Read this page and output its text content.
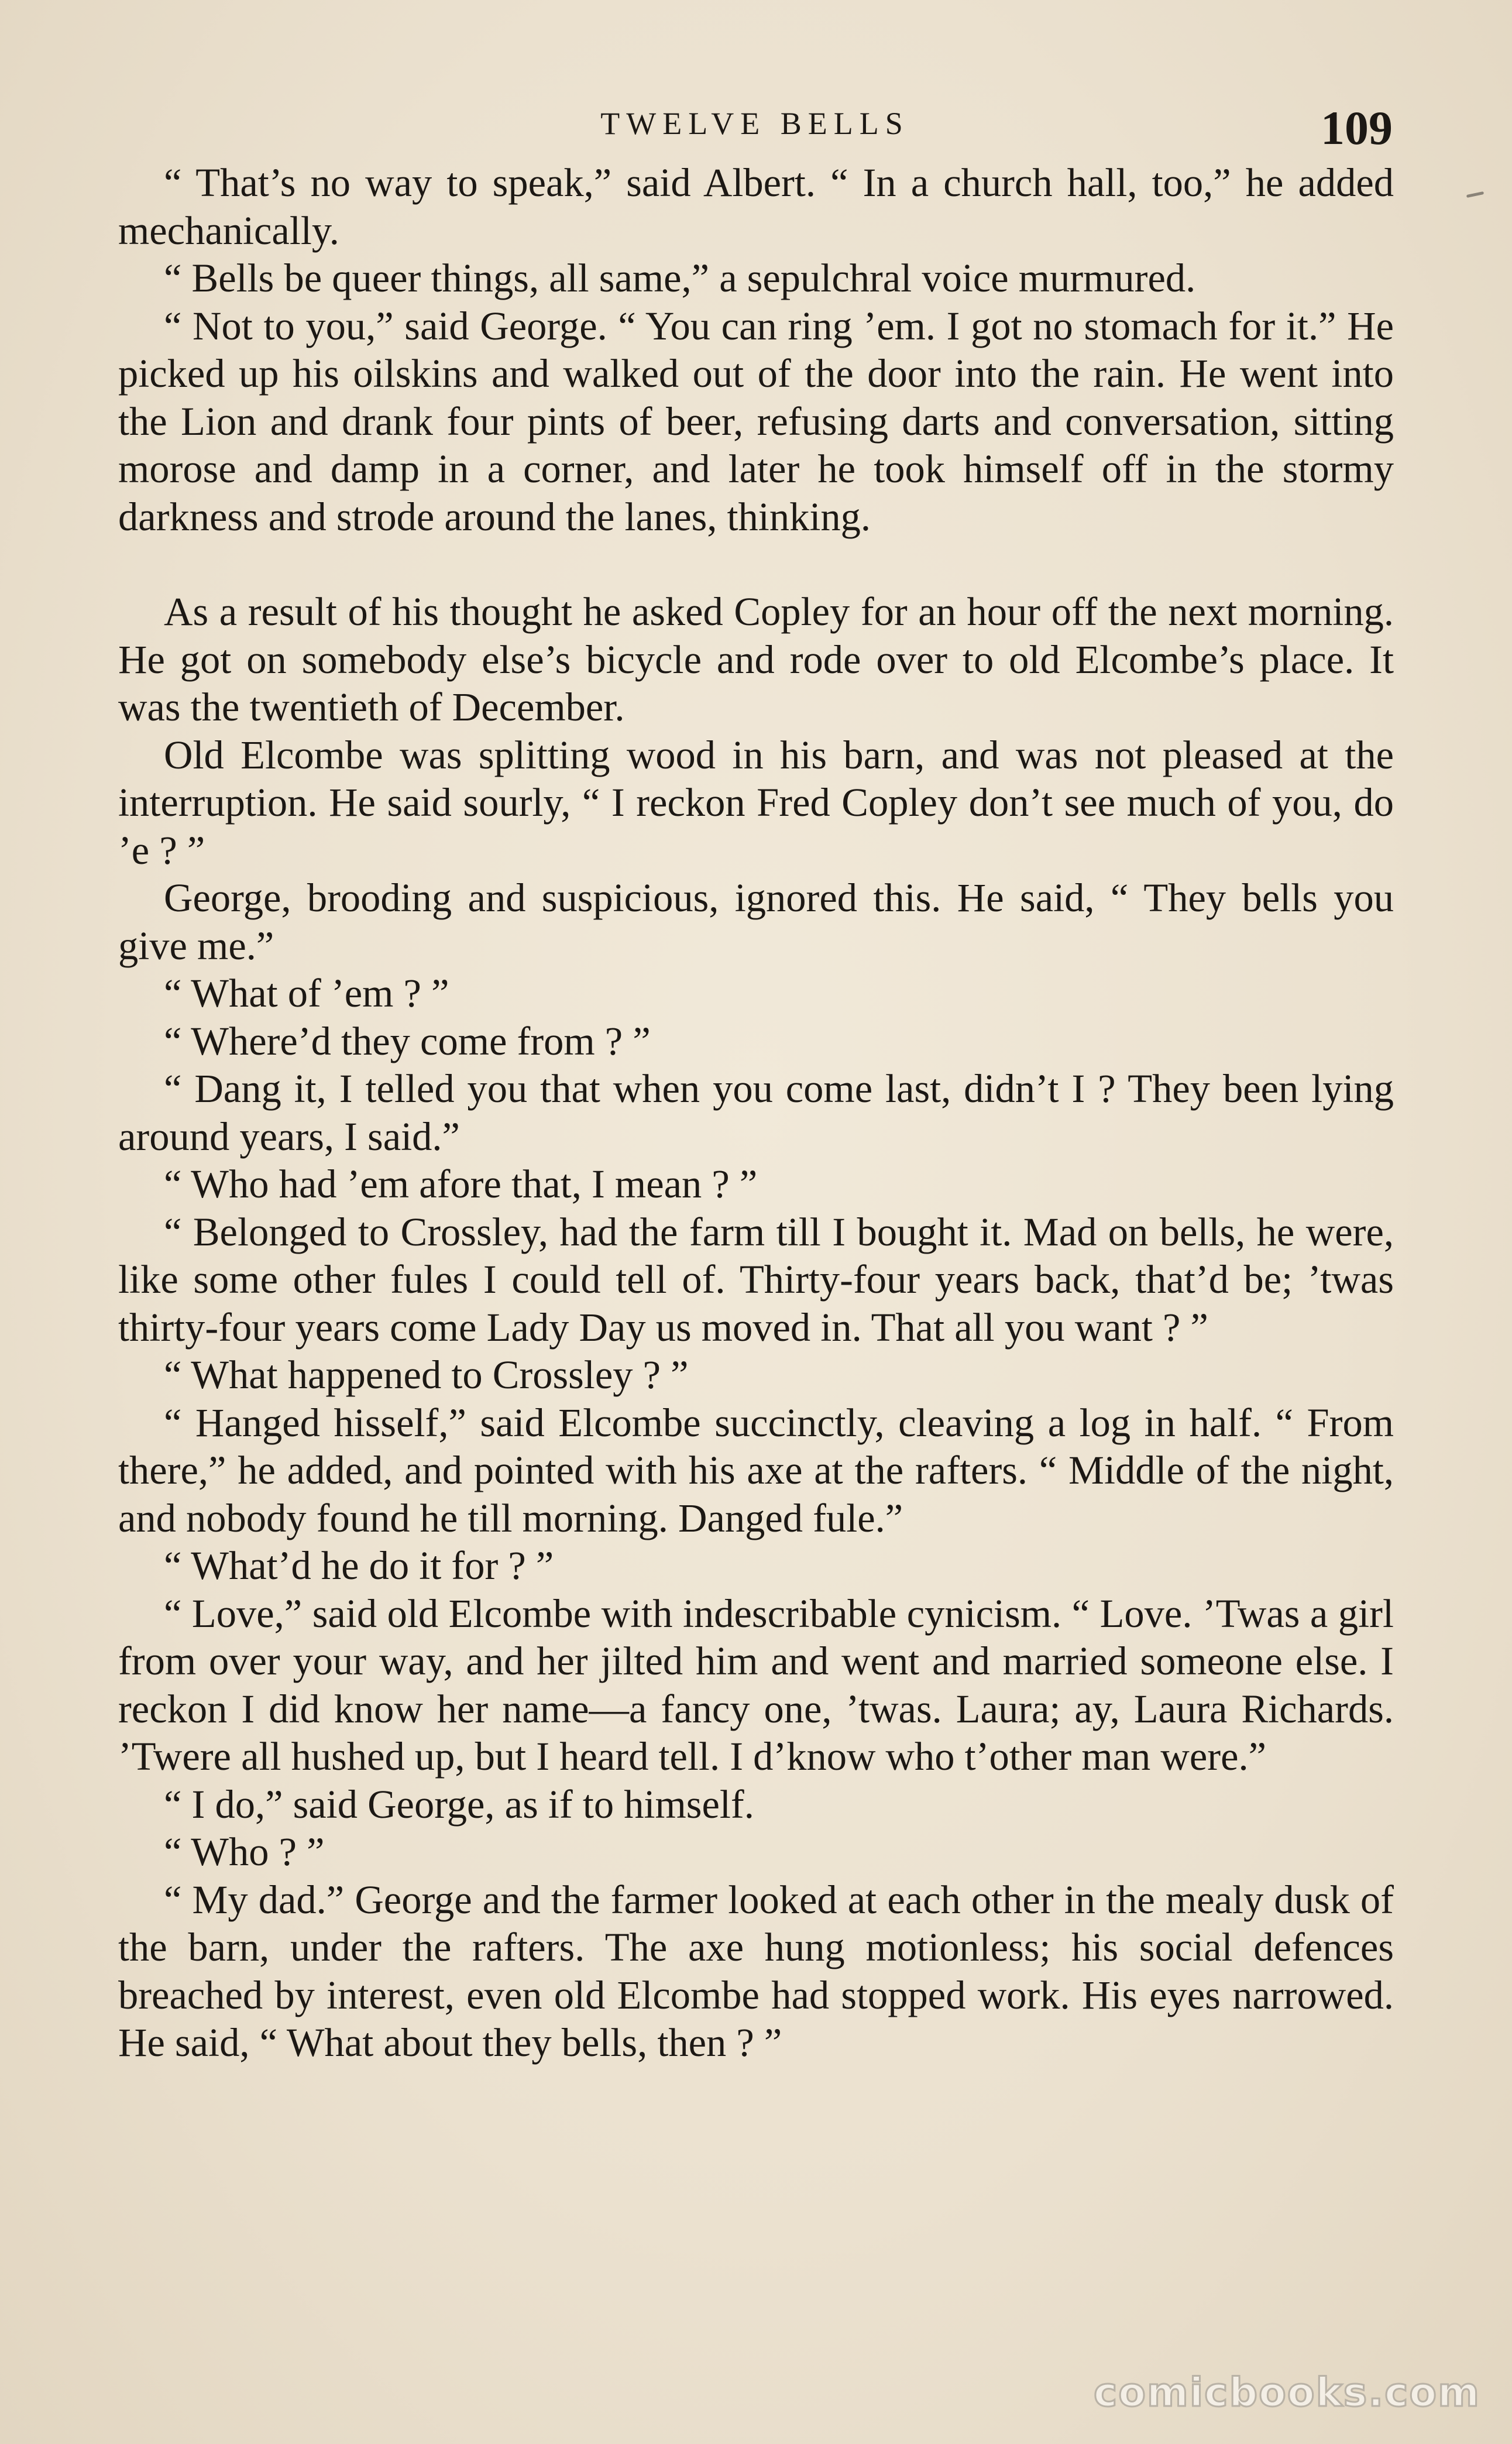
TWELVE BELLS	109

“ That’s no way to speak,” said Albert. “ In a church hall, too,” he added mechanically.

“ Bells be queer things, all same,” a sepulchral voice murmured.

“ Not to you,” said George. “ You can ring ’em. I got no stomach for it.” He picked up his oilskins and walked out of the door into the rain. He went into the Lion and drank four pints of beer, refusing darts and conversation, sitting morose and damp in a corner, and later he took himself off in the stormy darkness and strode around the lanes, thinking.

As a result of his thought he asked Copley for an hour off the next morning. He got on somebody else’s bicycle and rode over to old Elcombe’s place. It was the twentieth of December.

Old Elcombe was splitting wood in his barn, and was not pleased at the interruption. He said sourly, “ I reckon Fred Copley don’t see much of you, do ’e ? ”

George, brooding and suspicious, ignored this. He said, “ They bells you give me.”

“ What of ’em ? ”

“ Where’d they come from ? ”

“ Dang it, I telled you that when you come last, didn’t I ? They been lying around years, I said.”

“ Who had ’em afore that, I mean ? ”

“ Belonged to Crossley, had the farm till I bought it. Mad on bells, he were, like some other fules I could tell of. Thirty-four years back, that’d be; ’twas thirty-four years come Lady Day us moved in. That all you want ? ”

“ What happened to Crossley ? ”

“ Hanged hisself,” said Elcombe succinctly, cleaving a log in half. “ From there,” he added, and pointed with his axe at the rafters. “ Middle of the night, and nobody found he till morning. Danged fule.”

“ What’d he do it for ? ”

“ Love,” said old Elcombe with indescribable cynicism. “ Love. ’Twas a girl from over your way, and her jilted him and went and married someone else. I reckon I did know her name—a fancy one, ’twas. Laura; ay, Laura Richards. ’Twere all hushed up, but I heard tell. I d’know who t’other man were.”

“ I do,” said George, as if to himself.

“ Who ? ”

“ My dad.” George and the farmer looked at each other in the mealy dusk of the barn, under the rafters. The axe hung motionless; his social defences breached by interest, even old Elcombe had stopped work. His eyes narrowed. He said, “ What about they bells, then ? ”

comicbooks.com
